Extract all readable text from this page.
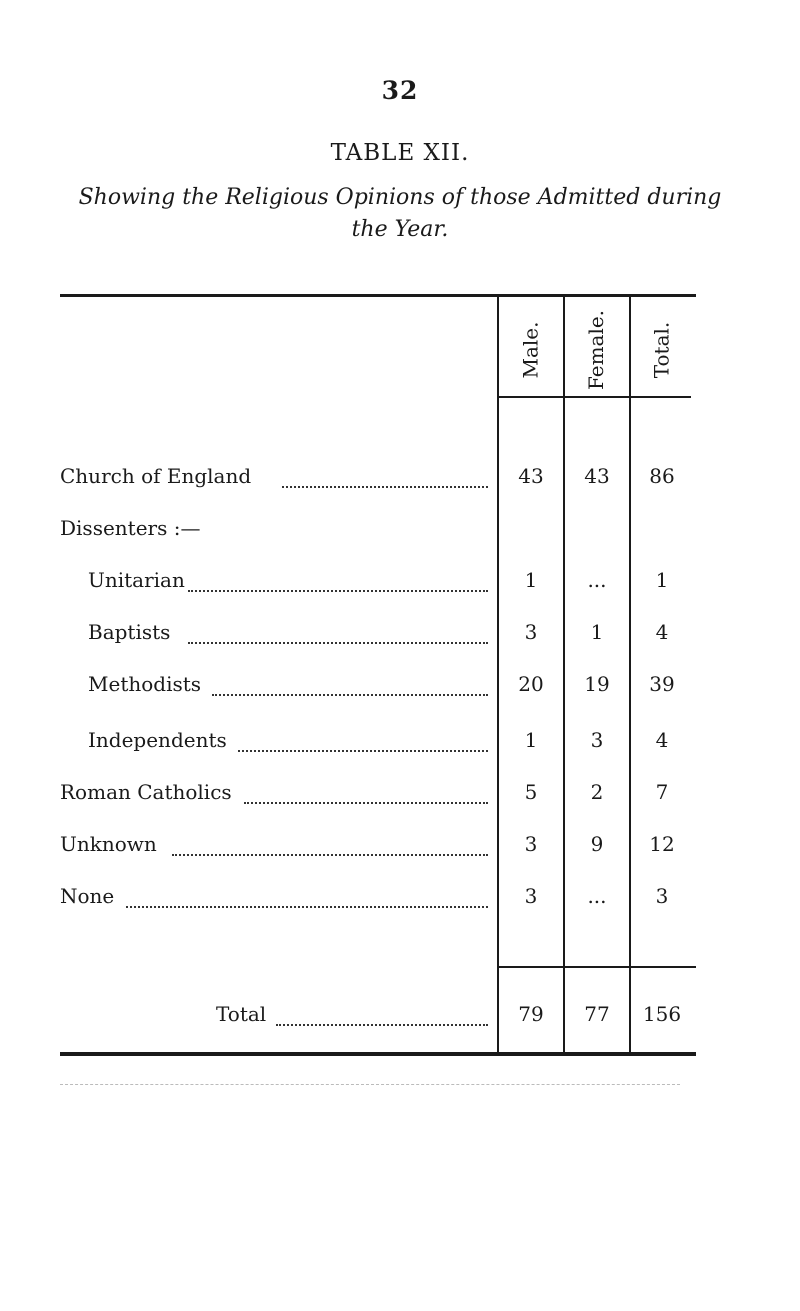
32
TABLE XII.
Showing the Religious Opinions of those Admitted during
the Year.
Male. Female. Total.
Church of England	43	43	86
Dissenters :—
Unitarian	1	...	1
Baptists	3	1	4
Methodists	20	19	39
Independents	1	3	4
Roman Catholics	5	2	7
Unknown	3	9	12
None	3	...	3
Total	79	77	156
